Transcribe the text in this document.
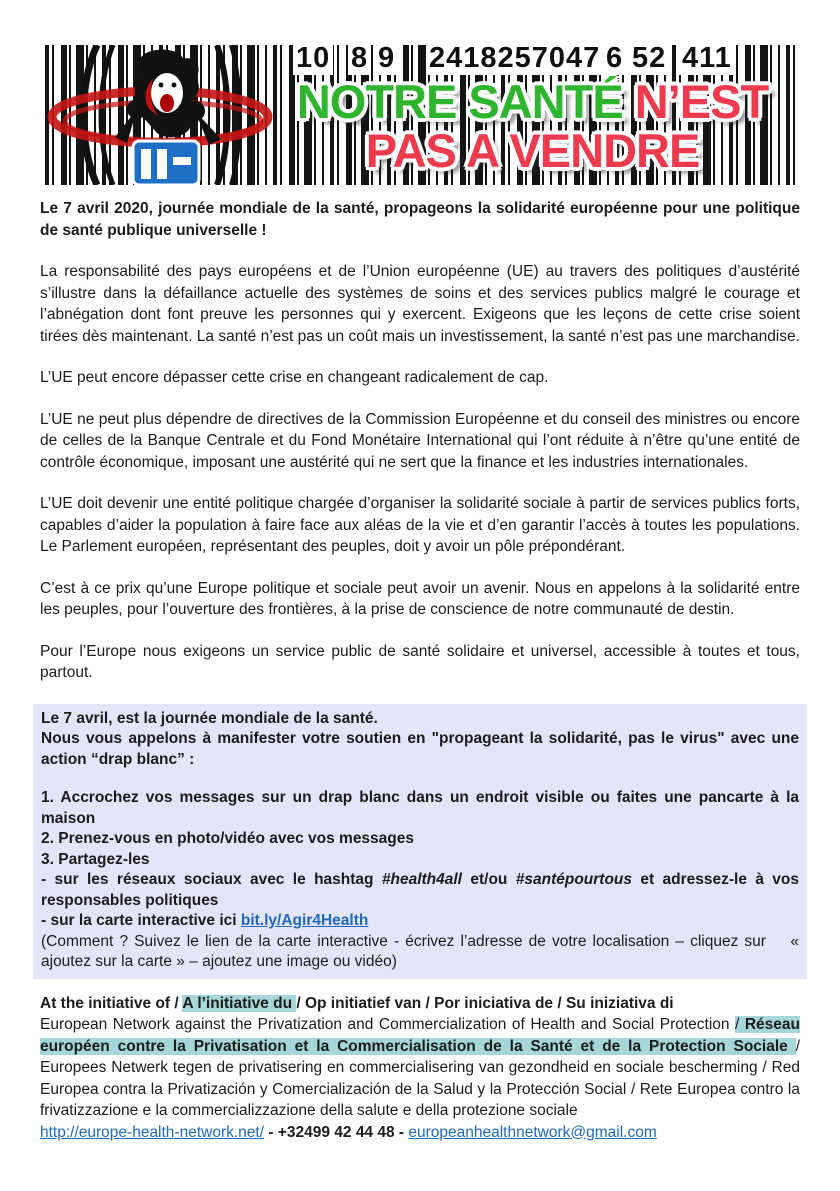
10 8 9 2418257047 6 52 411
NOTRE SANTÉ N’EST
PAS A VENDRE

Le 7 avril 2020, journée mondiale de la santé, propageons la solidarité européenne pour une politique de santé publique universelle !

La responsabilité des pays européens et de l’Union européenne (UE) au travers des politiques d’austérité s’illustre dans la défaillance actuelle des systèmes de soins et des services publics malgré le courage et l’abnégation dont font preuve les personnes qui y exercent. Exigeons que les leçons de cette crise soient tirées dès maintenant. La santé n’est pas un coût mais un investissement, la santé n’est pas une marchandise.

L’UE peut encore dépasser cette crise en changeant radicalement de cap.

L’UE ne peut plus dépendre de directives de la Commission Européenne et du conseil des ministres ou encore de celles de la Banque Centrale et du Fond Monétaire International qui l’ont réduite à n’être qu’une entité de contrôle économique, imposant une austérité qui ne sert que la finance et les industries internationales.

L’UE doit devenir une entité politique chargée d’organiser la solidarité sociale à partir de services publics forts, capables d’aider la population à faire face aux aléas de la vie et d’en garantir l’accès à toutes les populations. Le Parlement européen, représentant des peuples, doit y avoir un pôle prépondérant.

C’est à ce prix qu’une Europe politique et sociale peut avoir un avenir. Nous en appelons à la solidarité entre les peuples, pour l’ouverture des frontières, à la prise de conscience de notre communauté de destin.

Pour l’Europe nous exigeons un service public de santé solidaire et universel, accessible à toutes et tous, partout.

Le 7 avril, est la journée mondiale de la santé.

Nous vous appelons à manifester votre soutien en "propageant la solidarité, pas le virus" avec une action “drap blanc” :

1. Accrochez vos messages sur un drap blanc dans un endroit visible ou faites une pancarte à la maison

2. Prenez-vous en photo/vidéo avec vos messages

3. Partagez-les

- sur les réseaux sociaux avec le hashtag #health4all et/ou #santépourtous et adressez-le à vos responsables politiques

- sur la carte interactive ici bit.ly/Agir4Health

(Comment ? Suivez le lien de la carte interactive - écrivez l’adresse de votre localisation – cliquez sur    « ajoutez sur la carte » – ajoutez une image ou vidéo)

At the initiative of / A l’initiative du / Op initiatief van / Por iniciativa de / Su iniziativa di

European Network against the Privatization and Commercialization of Health and Social Protection / Réseau européen contre la Privatisation et la Commercialisation de la Santé et de la Protection Sociale / Europees Netwerk tegen de privatisering en commercialisering van gezondheid en sociale bescherming / Red Europea contra la Privatización y Comercialización de la Salud y la Protección Social / Rete Europea contro la frivatizzazione e la commercializzazione della salute e della protezione sociale

http://europe-health-network.net/ - +32499 42 44 48 - europeanhealthnetwork@gmail.com
